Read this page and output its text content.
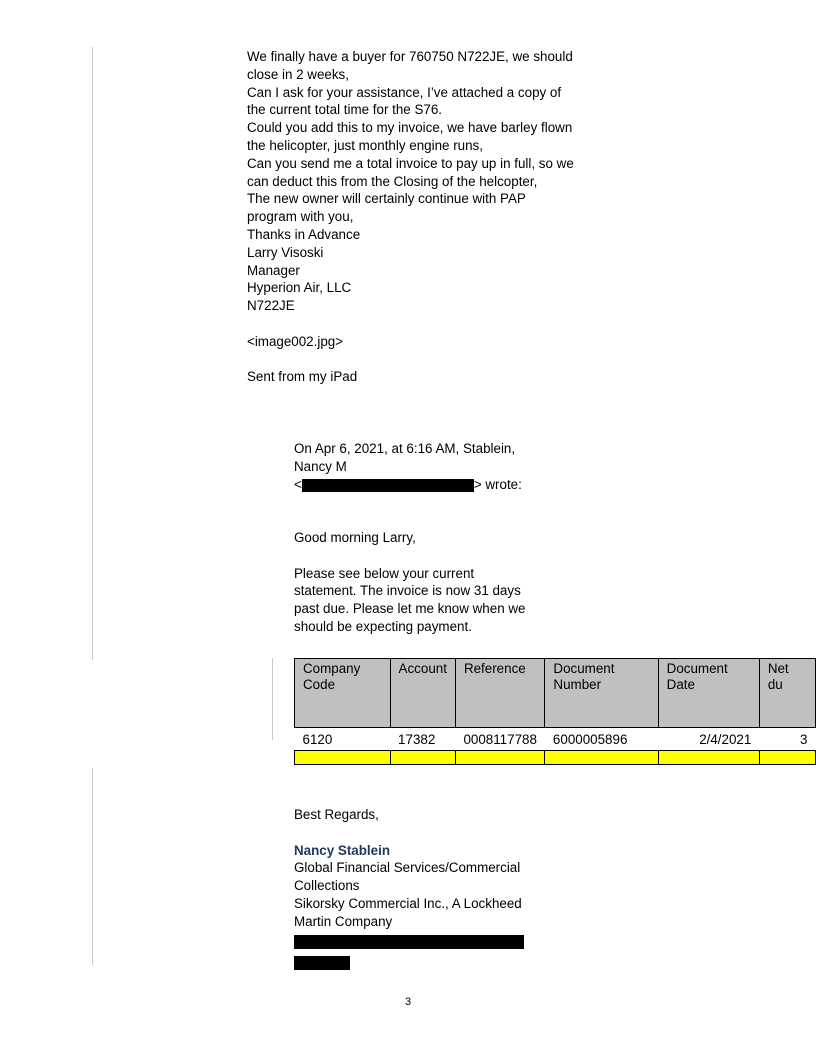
We finally have a buyer for 760750 N722JE, we should
close in 2 weeks,
Can I ask for your assistance, I’ve attached a copy of
the current total time for the S76.
Could you add this to my invoice, we have barley flown
the helicopter, just monthly engine runs,
Can you send me a total invoice to pay up in full, so we
can deduct this from the Closing of the helcopter,
The new owner will certainly continue with PAP
program with you,
Thanks in Advance
Larry Visoski
Manager
Hyperion Air, LLC
N722JE
<image002.jpg>
Sent from my iPad
On Apr 6, 2021, at 6:16 AM, Stablein,
Nancy M
<	> wrote:
Good morning Larry,
Please see below your current
statement. The invoice is now 31 days
past due. Please let me know when we
should be expecting payment.
Company Code	Account	Reference	Document Number	Document Date	Net du
6120	17382	0008117788	6000005896	2/4/2021	3

Best Regards,
Nancy Stablein
Global Financial Services/Commercial
Collections
Sikorsky Commercial Inc., A Lockheed
Martin Company
3
